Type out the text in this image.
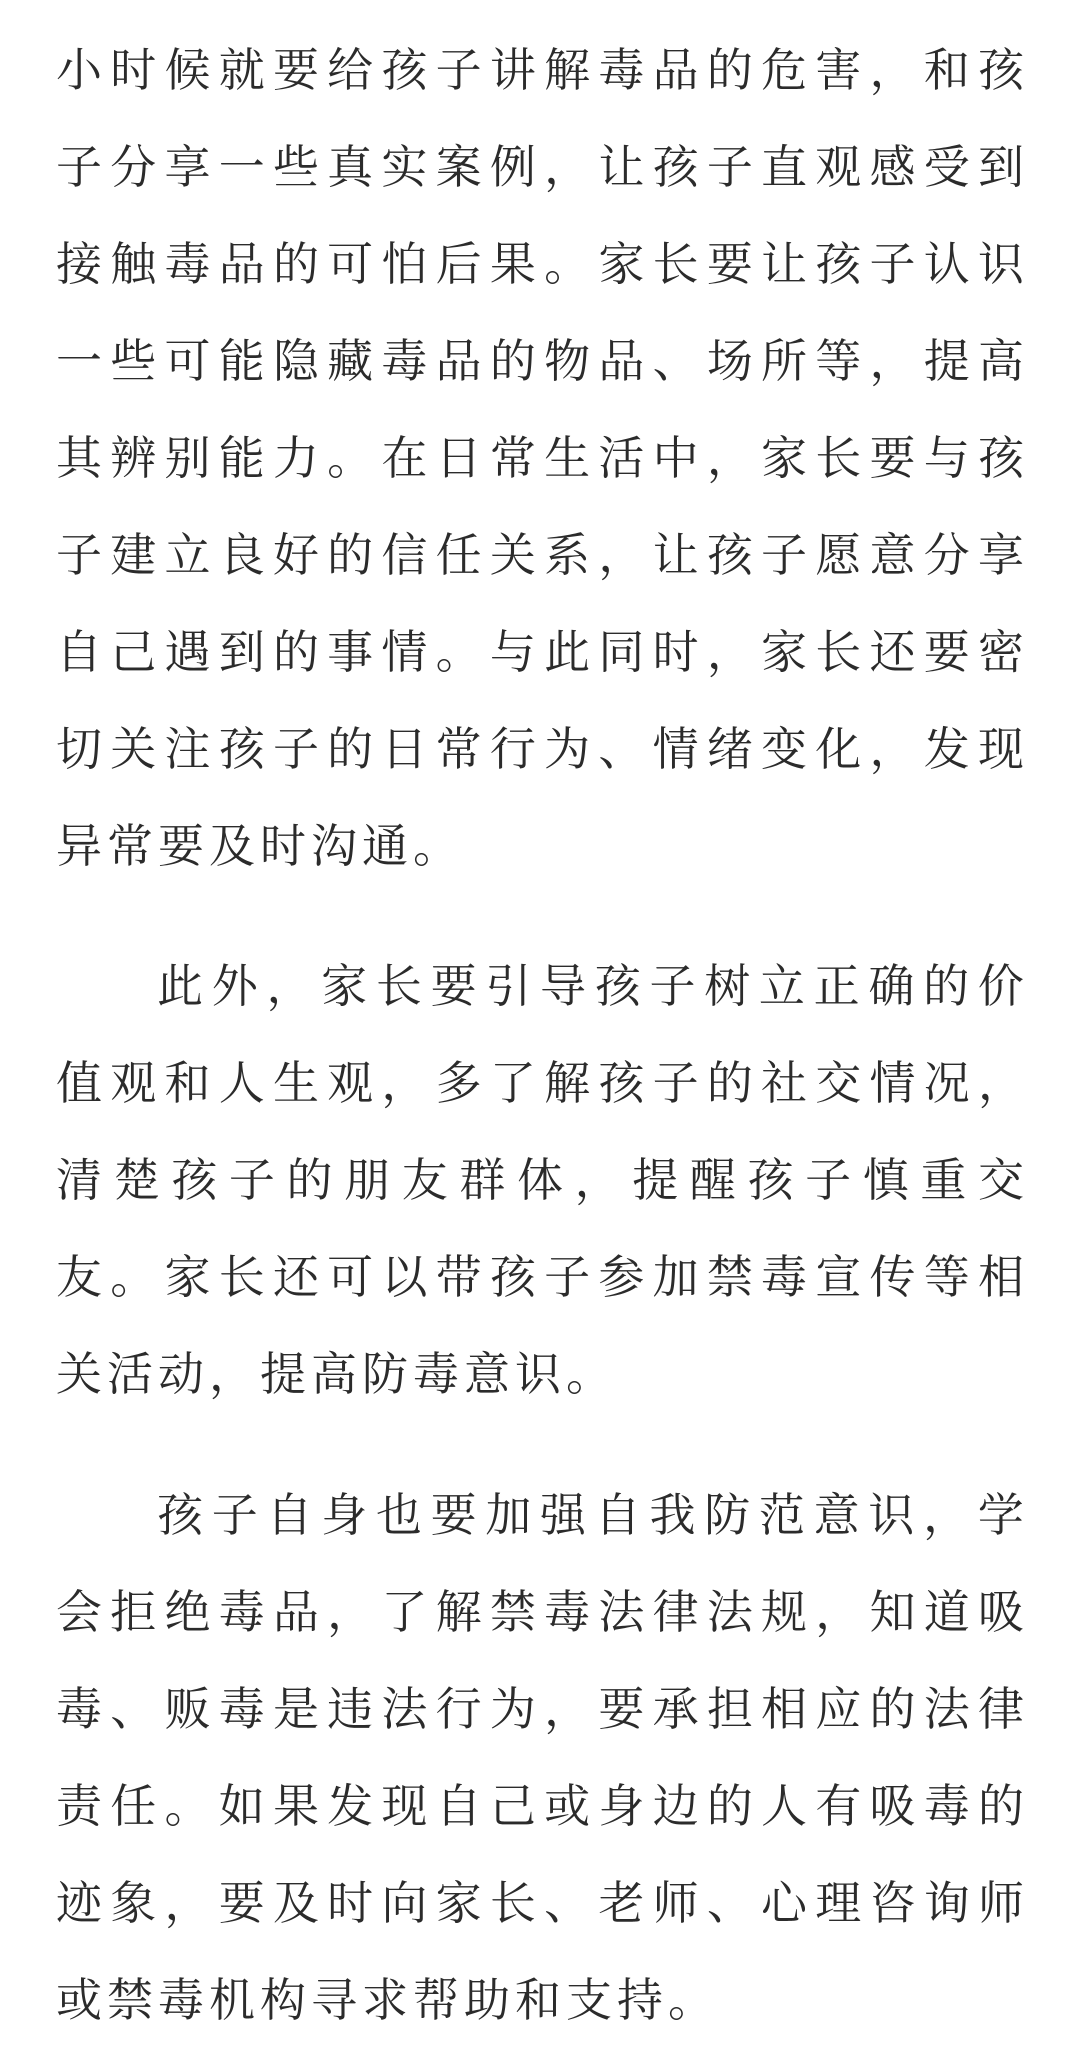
小 时 候 就 要 给 孩 子 讲 解 毒 品 的 危 害 ， 和 孩
子 分 享 一 些 真 实 案 例 ， 让 孩 子 直 观 感 受 到
接 触 毒 品 的 可 怕 后 果 。 家 长 要 让 孩 子 认 识
一 些 可 能 隐 藏 毒 品 的 物 品 、 场 所 等 ， 提 高
其 辨 别 能 力 。 在 日 常 生 活 中 ， 家 长 要 与 孩
子 建 立 良 好 的 信 任 关 系 ， 让 孩 子 愿 意 分 享
自 己 遇 到 的 事 情 。 与 此 同 时 ， 家 长 还 要 密
切 关 注 孩 子 的 日 常 行 为 、 情 绪 变 化 ， 发 现
异常要及时沟通。
此 外 ， 家 长 要 引 导 孩 子 树 立 正 确 的 价
值 观 和 人 生 观 ， 多 了 解 孩 子 的 社 交 情 况 ，
清 楚 孩 子 的 朋 友 群 体 ， 提 醒 孩 子 慎 重 交
友 。 家 长 还 可 以 带 孩 子 参 加 禁 毒 宣 传 等 相
关活动，提高防毒意识。
孩 子 自 身 也 要 加 强 自 我 防 范 意 识 ， 学
会 拒 绝 毒 品 ， 了 解 禁 毒 法 律 法 规 ， 知 道 吸
毒 、 贩 毒 是 违 法 行 为 ， 要 承 担 相 应 的 法 律
责 任 。 如 果 发 现 自 己 或 身 边 的 人 有 吸 毒 的
迹 象 ， 要 及 时 向 家 长 、 老 师 、 心 理 咨 询 师
或禁毒机构寻求帮助和支持。
